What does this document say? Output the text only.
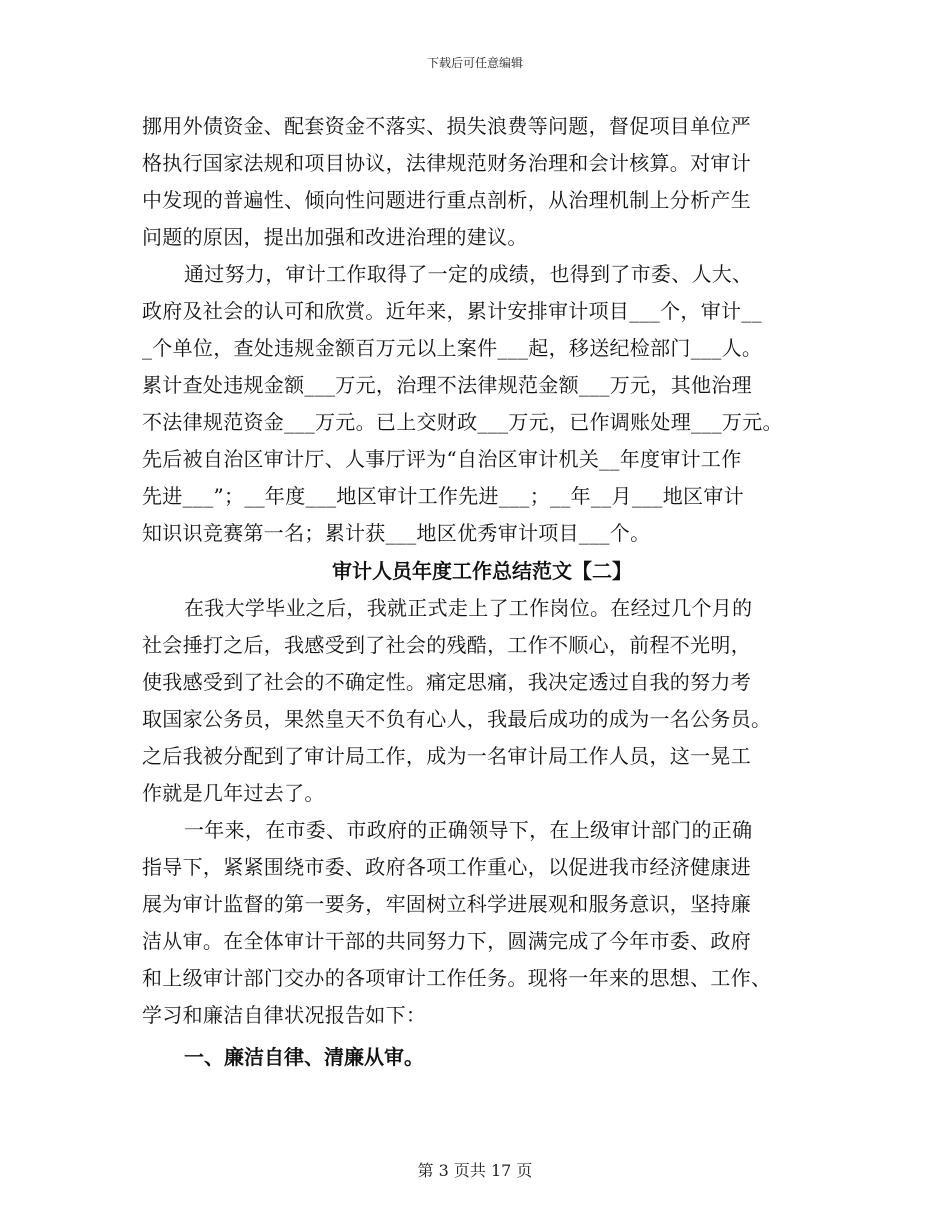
下载后可任意编辑
挪用外债资金、配套资金不落实、损失浪费等问题，督促项目单位严
格执行国家法规和项目协议，法律规范财务治理和会计核算。对审计
中发现的普遍性、倾向性问题进行重点剖析，从治理机制上分析产生
问题的原因，提出加强和改进治理的建议。
通过努力，审计工作取得了一定的成绩，也得到了市委、人大、
政府及社会的认可和欣赏。近年来，累计安排审计项目___个，审计__
_个单位，查处违规金额百万元以上案件___起，移送纪检部门___人。
累计查处违规金额___万元，治理不法律规范金额___万元，其他治理
不法律规范资金___万元。已上交财政___万元，已作调账处理___万元。
先后被自治区审计厅、人事厅评为“自治区审计机关__年度审计工作
先进___”；__年度___地区审计工作先进___；__年__月___地区审计
知识识竞赛第一名；累计获___地区优秀审计项目___个。
审计人员年度工作总结范文【二】
在我大学毕业之后，我就正式走上了工作岗位。在经过几个月的
社会捶打之后，我感受到了社会的残酷，工作不顺心，前程不光明，
使我感受到了社会的不确定性。痛定思痛，我决定透过自我的努力考
取国家公务员，果然皇天不负有心人，我最后成功的成为一名公务员。
之后我被分配到了审计局工作，成为一名审计局工作人员，这一晃工
作就是几年过去了。
一年来，在市委、市政府的正确领导下，在上级审计部门的正确
指导下，紧紧围绕市委、政府各项工作重心，以促进我市经济健康进
展为审计监督的第一要务，牢固树立科学进展观和服务意识，坚持廉
洁从审。在全体审计干部的共同努力下，圆满完成了今年市委、政府
和上级审计部门交办的各项审计工作任务。现将一年来的思想、工作、
学习和廉洁自律状况报告如下：
一、廉洁自律、清廉从审。
第 3 页共 17 页
